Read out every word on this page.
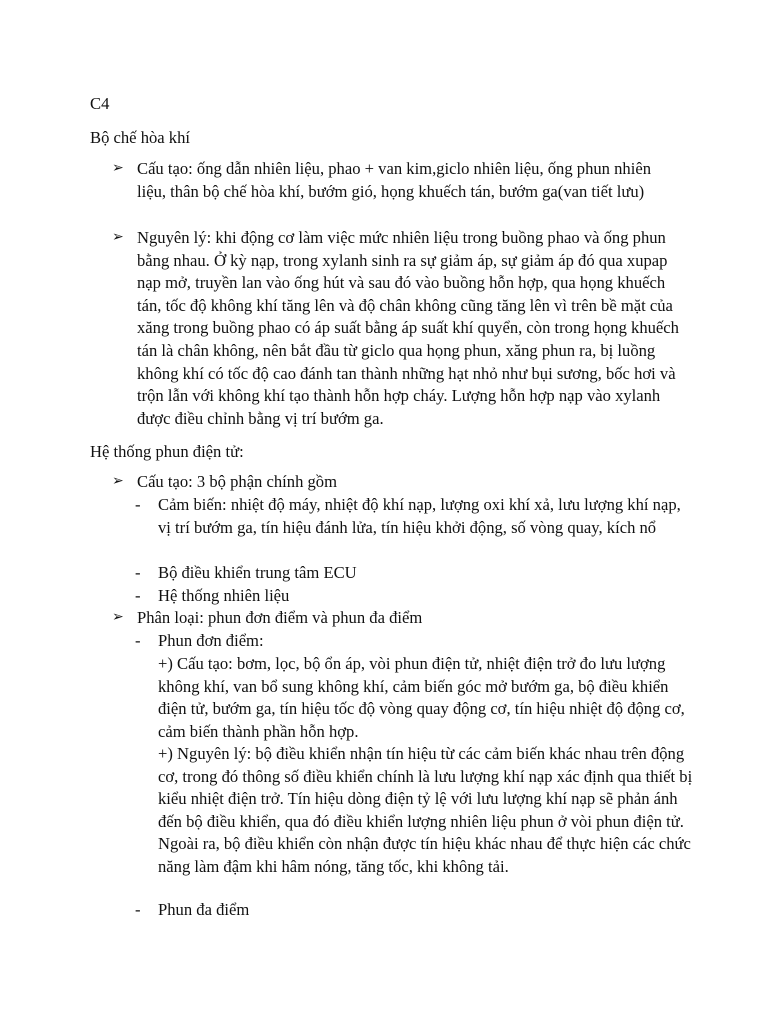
C4

Bộ chế hòa khí

➢ Cấu tạo: ống dẫn nhiên liệu, phao + van kim,giclo nhiên liệu, ống phun nhiên liệu, thân bộ chế hòa khí, bướm gió, họng khuếch tán, bướm ga(van tiết lưu)
➢ Nguyên lý: khi động cơ làm việc mức nhiên liệu trong buồng phao và ống phun bằng nhau. Ở kỳ nạp, trong xylanh sinh ra sự giảm áp, sự giảm áp đó qua xupap nạp mở, truyền lan vào ống hút và sau đó vào buồng hỗn hợp, qua họng khuếch tán, tốc độ không khí tăng lên và độ chân không cũng tăng lên vì trên bề mặt của xăng trong buồng phao có áp suất bằng áp suất khí quyển, còn trong họng khuếch tán là chân không, nên bắt đầu từ giclo qua họng phun, xăng phun ra, bị luồng không khí có tốc độ cao đánh tan thành những hạt nhỏ như bụi sương, bốc hơi và trộn lẫn với không khí tạo thành hỗn hợp cháy. Lượng hỗn hợp nạp vào xylanh được điều chỉnh bằng vị trí bướm ga.

Hệ thống phun điện tử:

➢ Cấu tạo: 3 bộ phận chính gồm
-	Cảm biến: nhiệt độ máy, nhiệt độ khí nạp, lượng oxi khí xả, lưu lượng khí nạp, vị trí bướm ga, tín hiệu đánh lửa, tín hiệu khởi động, số vòng quay, kích nổ
-	Bộ điều khiển trung tâm ECU
-	Hệ thống nhiên liệu
➢ Phân loại: phun đơn điểm và phun đa điểm
-	Phun đơn điểm:
+) Cấu tạo: bơm, lọc, bộ ổn áp, vòi phun điện tử, nhiệt điện trở đo lưu lượng không khí, van bổ sung không khí, cảm biến góc mở bướm ga, bộ điều khiển điện tử, bướm ga, tín hiệu tốc độ vòng quay động cơ, tín hiệu nhiệt độ động cơ, cảm biến thành phần hỗn hợp.
+) Nguyên lý: bộ điều khiển nhận tín hiệu từ các cảm biến khác nhau trên động cơ, trong đó thông số điều khiển chính là lưu lượng khí nạp xác định qua thiết bị kiểu nhiệt điện trở. Tín hiệu dòng điện tỷ lệ với lưu lượng khí nạp sẽ phản ánh đến bộ điều khiển, qua đó điều khiển lượng nhiên liệu phun ở vòi phun điện tử. Ngoài ra, bộ điều khiển còn nhận được tín hiệu khác nhau để thực hiện các chức năng làm đậm khi hâm nóng, tăng tốc, khi không tải.
-	Phun đa điểm
